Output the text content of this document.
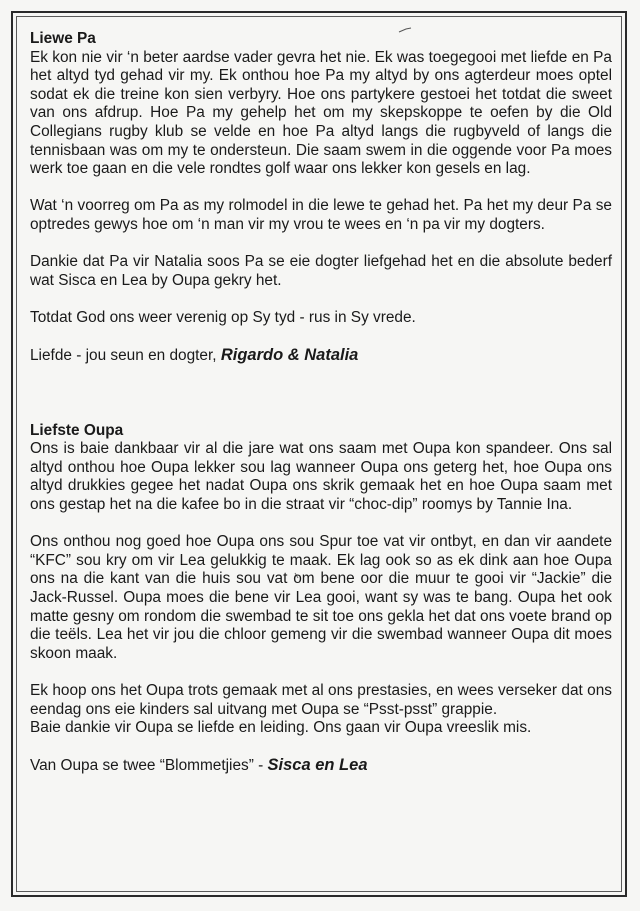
Liewe Pa

Ek kon nie vir ‘n beter aardse vader gevra het nie. Ek was toegegooi met liefde en Pa het altyd tyd gehad vir my. Ek onthou hoe Pa my altyd by ons agterdeur moes optel sodat ek die treine kon sien verbyry. Hoe ons partykere gestoei het totdat die sweet van ons afdrup. Hoe Pa my gehelp het om my skepskoppe te oefen by die Old Collegians rugby klub se velde en hoe Pa altyd langs die rugbyveld of langs die tennisbaan was om my te ondersteun. Die saam swem in die oggende voor Pa moes werk toe gaan en die vele rondtes golf waar ons lekker kon gesels en lag.

Wat ‘n voorreg om Pa as my rolmodel in die lewe te gehad het. Pa het my deur Pa se optredes gewys hoe om ‘n man vir my vrou te wees en ‘n pa vir my dogters.

Dankie dat Pa vir Natalia soos Pa se eie dogter liefgehad het en die absolute bederf wat Sisca en Lea by Oupa gekry het.

Totdat God ons weer verenig op Sy tyd - rus in Sy vrede.

Liefde - jou seun en dogter, Rigardo & Natalia

Liefste Oupa

Ons is baie dankbaar vir al die jare wat ons saam met Oupa kon spandeer. Ons sal altyd onthou hoe Oupa lekker sou lag wanneer Oupa ons geterg het, hoe Oupa ons altyd drukkies gegee het nadat Oupa ons skrik gemaak het en hoe Oupa saam met ons gestap het na die kafee bo in die straat vir “choc-dip” roomys by Tannie Ina.

Ons onthou nog goed hoe Oupa ons sou Spur toe vat vir ontbyt, en dan vir aandete “KFC” sou kry om vir Lea gelukkig te maak. Ek lag ook so as ek dink aan hoe Oupa ons na die kant van die huis sou vat om bene oor die muur te gooi vir “Jackie” die Jack-Russel. Oupa moes die bene vir Lea gooi, want sy was te bang. Oupa het ook matte gesny om rondom die swembad te sit toe ons gekla het dat ons voete brand op die teëls. Lea het vir jou die chloor gemeng vir die swembad wanneer Oupa dit moes skoon maak.

Ek hoop ons het Oupa trots gemaak met al ons prestasies, en wees verseker dat ons eendag ons eie kinders sal uitvang met Oupa se “Psst-psst” grappie.

Baie dankie vir Oupa se liefde en leiding. Ons gaan vir Oupa vreeslik mis.

Van Oupa se twee “Blommetjies” - Sisca en Lea
